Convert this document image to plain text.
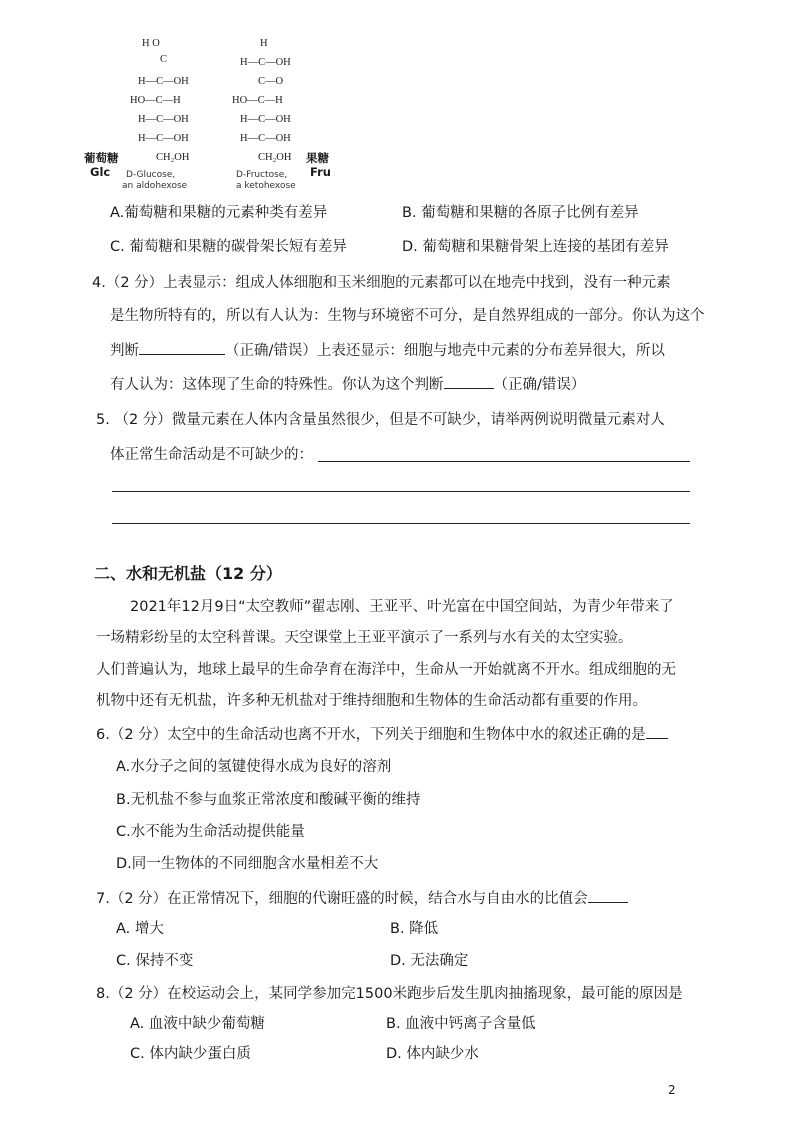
H O
C
H—C—OH
HO—C—H
H—C—OH
H—C—OH
CH₂OH
葡萄糖
Glc D-Glucose,
an aldohexose
H
H—C—OH
C—O
HO—C—H
H—C—OH
H—C—OH
CH₂OH 果糖
Fru
D-Fructose,
a ketohexose
A.葡萄糖和果糖的元素种类有差异	B. 葡萄糖和果糖的各原子比例有差异
C. 葡萄糖和果糖的碳骨架长短有差异	D. 葡萄糖和果糖骨架上连接的基团有差异
4.（2 分）上表显示：组成人体细胞和玉米细胞的元素都可以在地壳中找到，没有一种元素
是生物所特有的，所以有人认为：生物与环境密不可分，是自然界组成的一部分。你认为这个
判断	（正确/错误）上表还显示：细胞与地壳中元素的分布差异很大，所以
有人认为：这体现了生命的特殊性。你认为这个判断	（正确/错误）
5. （2 分）微量元素在人体内含量虽然很少，但是不可缺少，请举两例说明微量元素对人
体正常生命活动是不可缺少的：
二、水和无机盐（12 分）
2021年12月9日“太空教师”翟志刚、王亚平、叶光富在中国空间站，为青少年带来了
一场精彩纷呈的太空科普课。天空课堂上王亚平演示了一系列与水有关的太空实验。
人们普遍认为，地球上最早的生命孕育在海洋中，生命从一开始就离不开水。组成细胞的无
机物中还有无机盐，许多种无机盐对于维持细胞和生物体的生命活动都有重要的作用。
6.（2 分）太空中的生命活动也离不开水，下列关于细胞和生物体中水的叙述正确的是
A.水分子之间的氢键使得水成为良好的溶剂
B.无机盐不参与血浆正常浓度和酸碱平衡的维持
C.水不能为生命活动提供能量
D.同一生物体的不同细胞含水量相差不大
7.（2 分）在正常情况下，细胞的代谢旺盛的时候，结合水与自由水的比值会
A. 增大	B. 降低
C. 保持不变	D. 无法确定
8.（2 分）在校运动会上，某同学参加完1500米跑步后发生肌肉抽搐现象，最可能的原因是
A. 血液中缺少葡萄糖	B. 血液中钙离子含量低
C. 体内缺少蛋白质	D. 体内缺少水
2
